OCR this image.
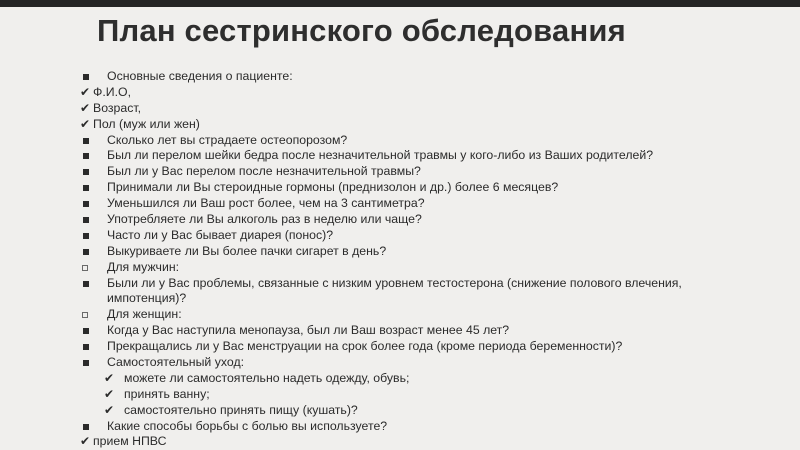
План сестринского обследования
Основные сведения о пациенте:
✔ Ф.И.О,
✔ Возраст,
✔ Пол (муж или жен)
Сколько лет вы страдаете остеопорозом?
Был ли перелом шейки бедра после незначительной травмы у кого-либо из Ваших родителей?
Был ли у Вас перелом после незначительной травмы?
Принимали ли Вы стероидные гормоны (преднизолон и др.) более 6 месяцев?
Уменьшился ли Ваш рост более, чем на 3 сантиметра?
Употребляете ли Вы алкоголь раз в неделю или чаще?
Часто ли у Вас бывает диарея (понос)?
Выкуриваете ли Вы более пачки сигарет в день?
Для мужчин:
Были ли у Вас проблемы, связанные с низким уровнем тестостерона (снижение полового влечения,
импотенция)?
Для женщин:
Когда у Вас наступила менопауза, был ли Ваш возраст менее 45 лет?
Прекращались ли у Вас менструации на срок более года (кроме периода беременности)?
Самостоятельный уход:
✔ можете ли самостоятельно надеть одежду, обувь;
✔ принять ванну;
✔ самостоятельно принять пищу (кушать)?
Какие способы борьбы с болью вы используете?
✔ прием НПВС
